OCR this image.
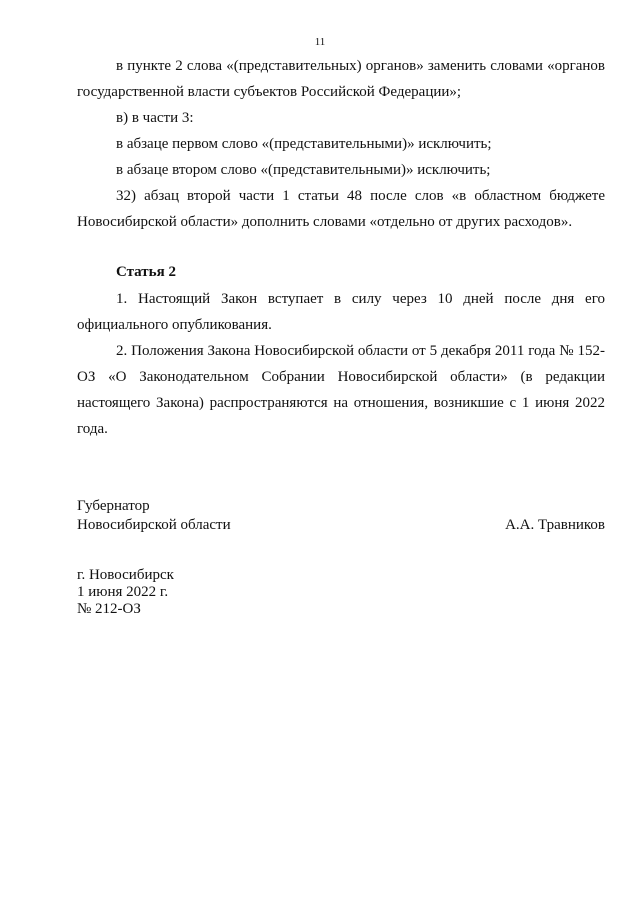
11

в пункте 2 слова «(представительных) органов» заменить словами «органов государственной власти субъектов Российской Федерации»;

в) в части 3:

в абзаце первом слово «(представительными)» исключить;

в абзаце втором слово «(представительными)» исключить;

32) абзац второй части 1 статьи 48 после слов «в областном бюджете Новосибирской области» дополнить словами «отдельно от других расходов».

Статья 2

1. Настоящий Закон вступает в силу через 10 дней после дня его официального опубликования.

2. Положения Закона Новосибирской области от 5 декабря 2011 года № 152-ОЗ «О Законодательном Собрании Новосибирской области» (в редакции настоящего Закона) распространяются на отношения, возникшие с 1 июня 2022 года.

Губернатор
Новосибирской области	А.А. Травников
г. Новосибирск
1 июня 2022 г.
№ 212-ОЗ
